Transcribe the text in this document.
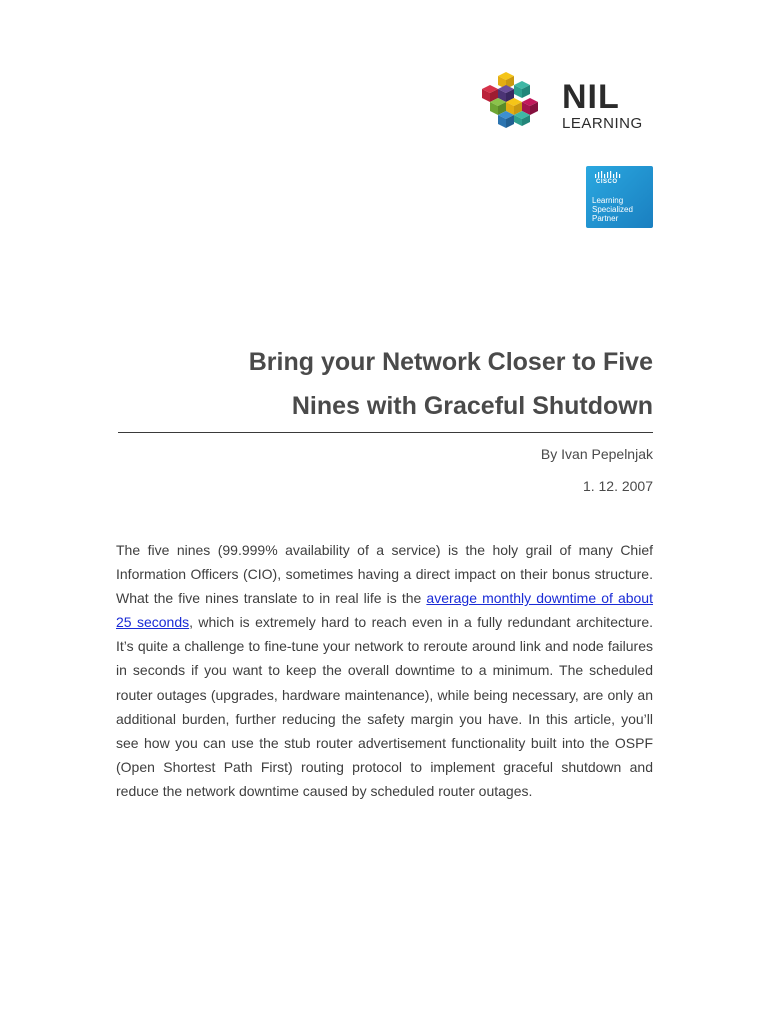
NIL
LEARNING
CISCO
Learning
Specialized
Partner
Bring your Network Closer to Five
Nines with Graceful Shutdown
By Ivan Pepelnjak
1. 12. 2007

The five nines (99.999% availability of a service) is the holy grail of many Chief Information Officers (CIO), sometimes having a direct impact on their bonus structure. What the five nines translate to in real life is the average monthly downtime of about 25 seconds, which is extremely hard to reach even in a fully redundant architecture. It’s quite a challenge to fine-tune your network to reroute around link and node failures in seconds if you want to keep the overall downtime to a minimum. The scheduled router outages (upgrades, hardware maintenance), while being necessary, are only an additional burden, further reducing the safety margin you have. In this article, you’ll see how you can use the stub router advertisement functionality built into the OSPF (Open Shortest Path First) routing protocol to implement graceful shutdown and reduce the network downtime caused by scheduled router outages.
